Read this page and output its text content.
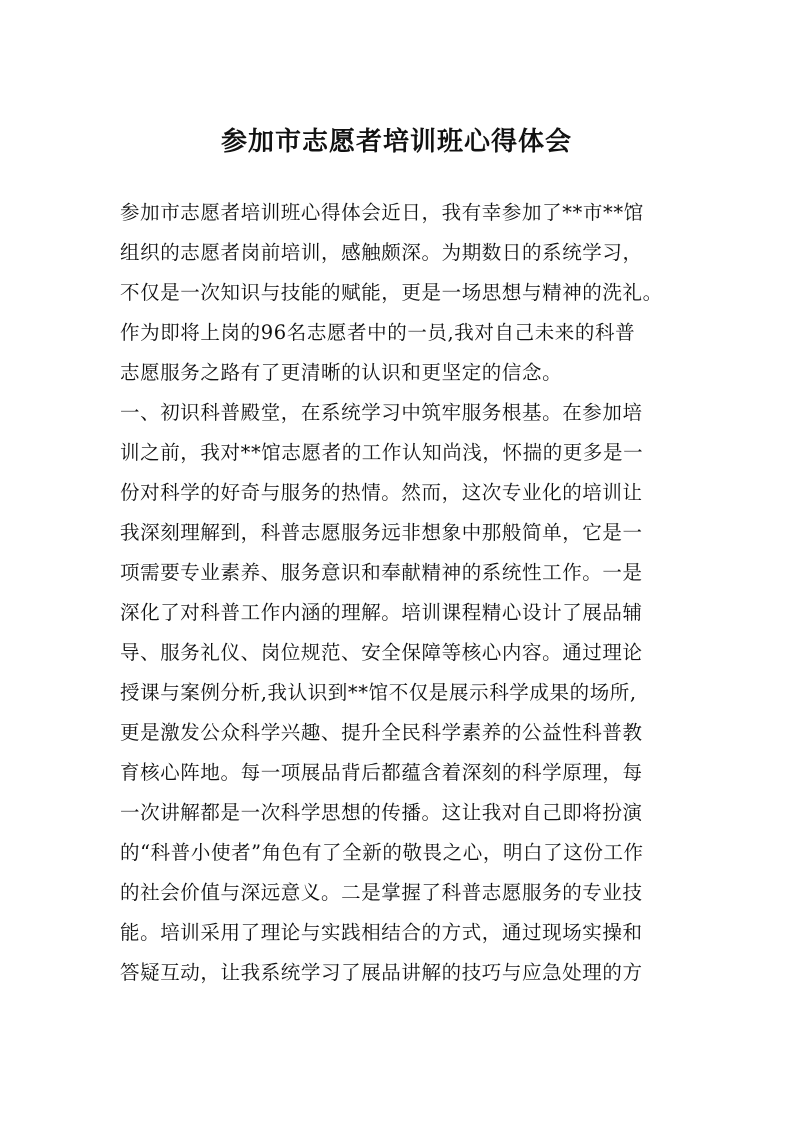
参加市志愿者培训班心得体会
参加市志愿者培训班心得体会近日，我有幸参加了**市**馆
组织的志愿者岗前培训，感触颇深。为期数日的系统学习，
不仅是一次知识与技能的赋能，更是一场思想与精神的洗礼。
作为即将上岗的96名志愿者中的一员,我对自己未来的科普
志愿服务之路有了更清晰的认识和更坚定的信念。
一、初识科普殿堂，在系统学习中筑牢服务根基。在参加培
训之前，我对**馆志愿者的工作认知尚浅，怀揣的更多是一
份对科学的好奇与服务的热情。然而，这次专业化的培训让
我深刻理解到，科普志愿服务远非想象中那般简单，它是一
项需要专业素养、服务意识和奉献精神的系统性工作。一是
深化了对科普工作内涵的理解。培训课程精心设计了展品辅
导、服务礼仪、岗位规范、安全保障等核心内容。通过理论
授课与案例分析,我认识到**馆不仅是展示科学成果的场所,
更是激发公众科学兴趣、提升全民科学素养的公益性科普教
育核心阵地。每一项展品背后都蕴含着深刻的科学原理，每
一次讲解都是一次科学思想的传播。这让我对自己即将扮演
的“科普小使者”角色有了全新的敬畏之心，明白了这份工作
的社会价值与深远意义。二是掌握了科普志愿服务的专业技
能。培训采用了理论与实践相结合的方式，通过现场实操和
答疑互动，让我系统学习了展品讲解的技巧与应急处理的方
